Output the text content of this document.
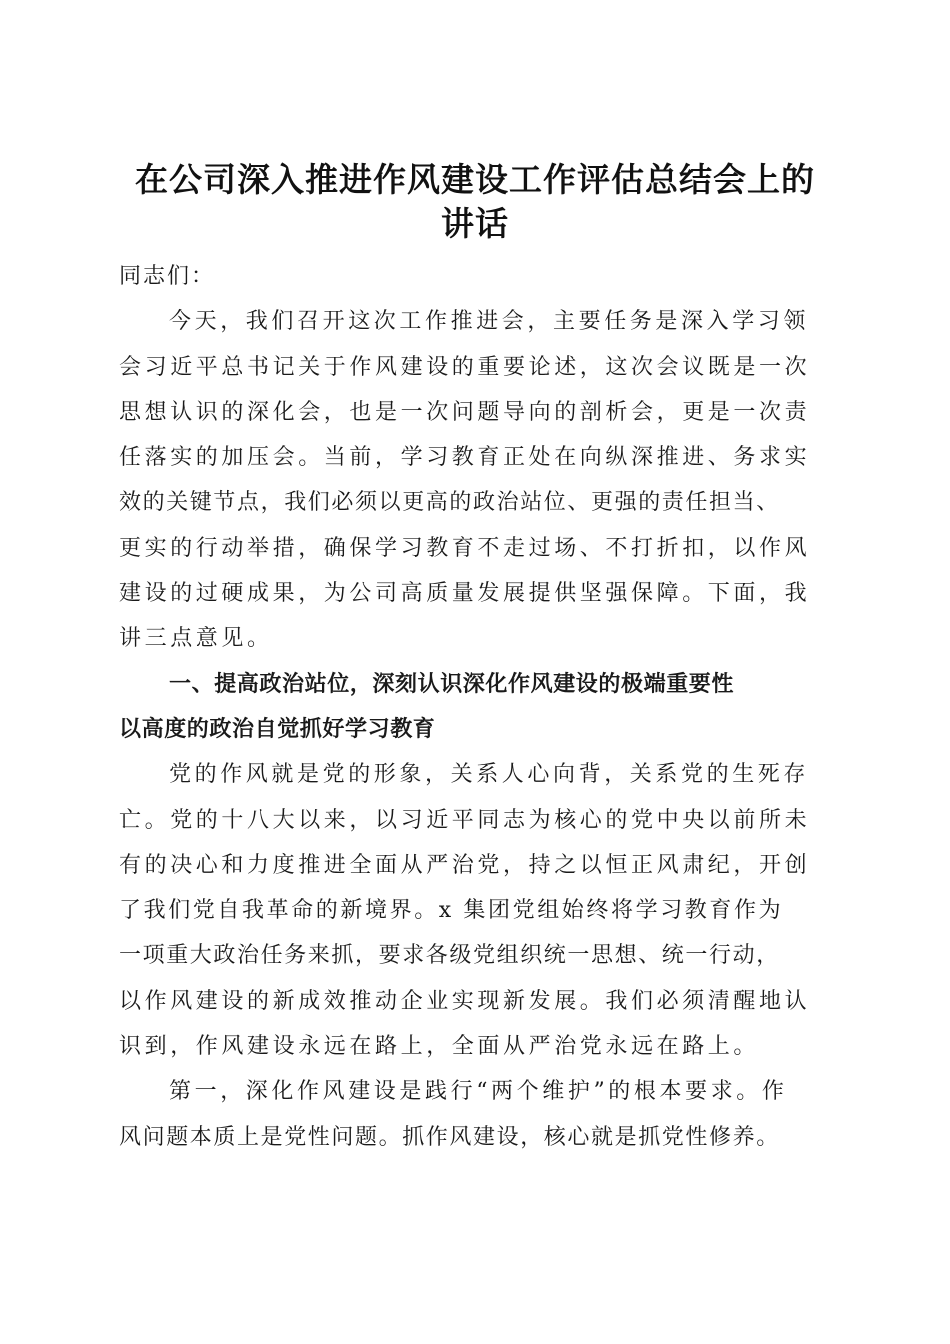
在公司深入推进作风建设工作评估总结会上的
讲话

同志们：

今天，我们召开这次工作推进会，主要任务是深入学习领
会习近平总书记关于作风建设的重要论述，这次会议既是一次
思想认识的深化会，也是一次问题导向的剖析会，更是一次责
任落实的加压会。当前，学习教育正处在向纵深推进、务求实
效的关键节点，我们必须以更高的政治站位、更强的责任担当、
更实的行动举措，确保学习教育不走过场、不打折扣，以作风
建设的过硬成果，为公司高质量发展提供坚强保障。下面，我
讲三点意见。

一、提高政治站位，深刻认识深化作风建设的极端重要性
以高度的政治自觉抓好学习教育

党的作风就是党的形象，关系人心向背，关系党的生死存
亡。党的十八大以来，以习近平同志为核心的党中央以前所未
有的决心和力度推进全面从严治党，持之以恒正风肃纪，开创
了我们党自我革命的新境界。x 集团党组始终将学习教育作为
一项重大政治任务来抓，要求各级党组织统一思想、统一行动，
以作风建设的新成效推动企业实现新发展。我们必须清醒地认
识到，作风建设永远在路上，全面从严治党永远在路上。

第一，深化作风建设是践行“两个维护”的根本要求。作
风问题本质上是党性问题。抓作风建设，核心就是抓党性修养。
